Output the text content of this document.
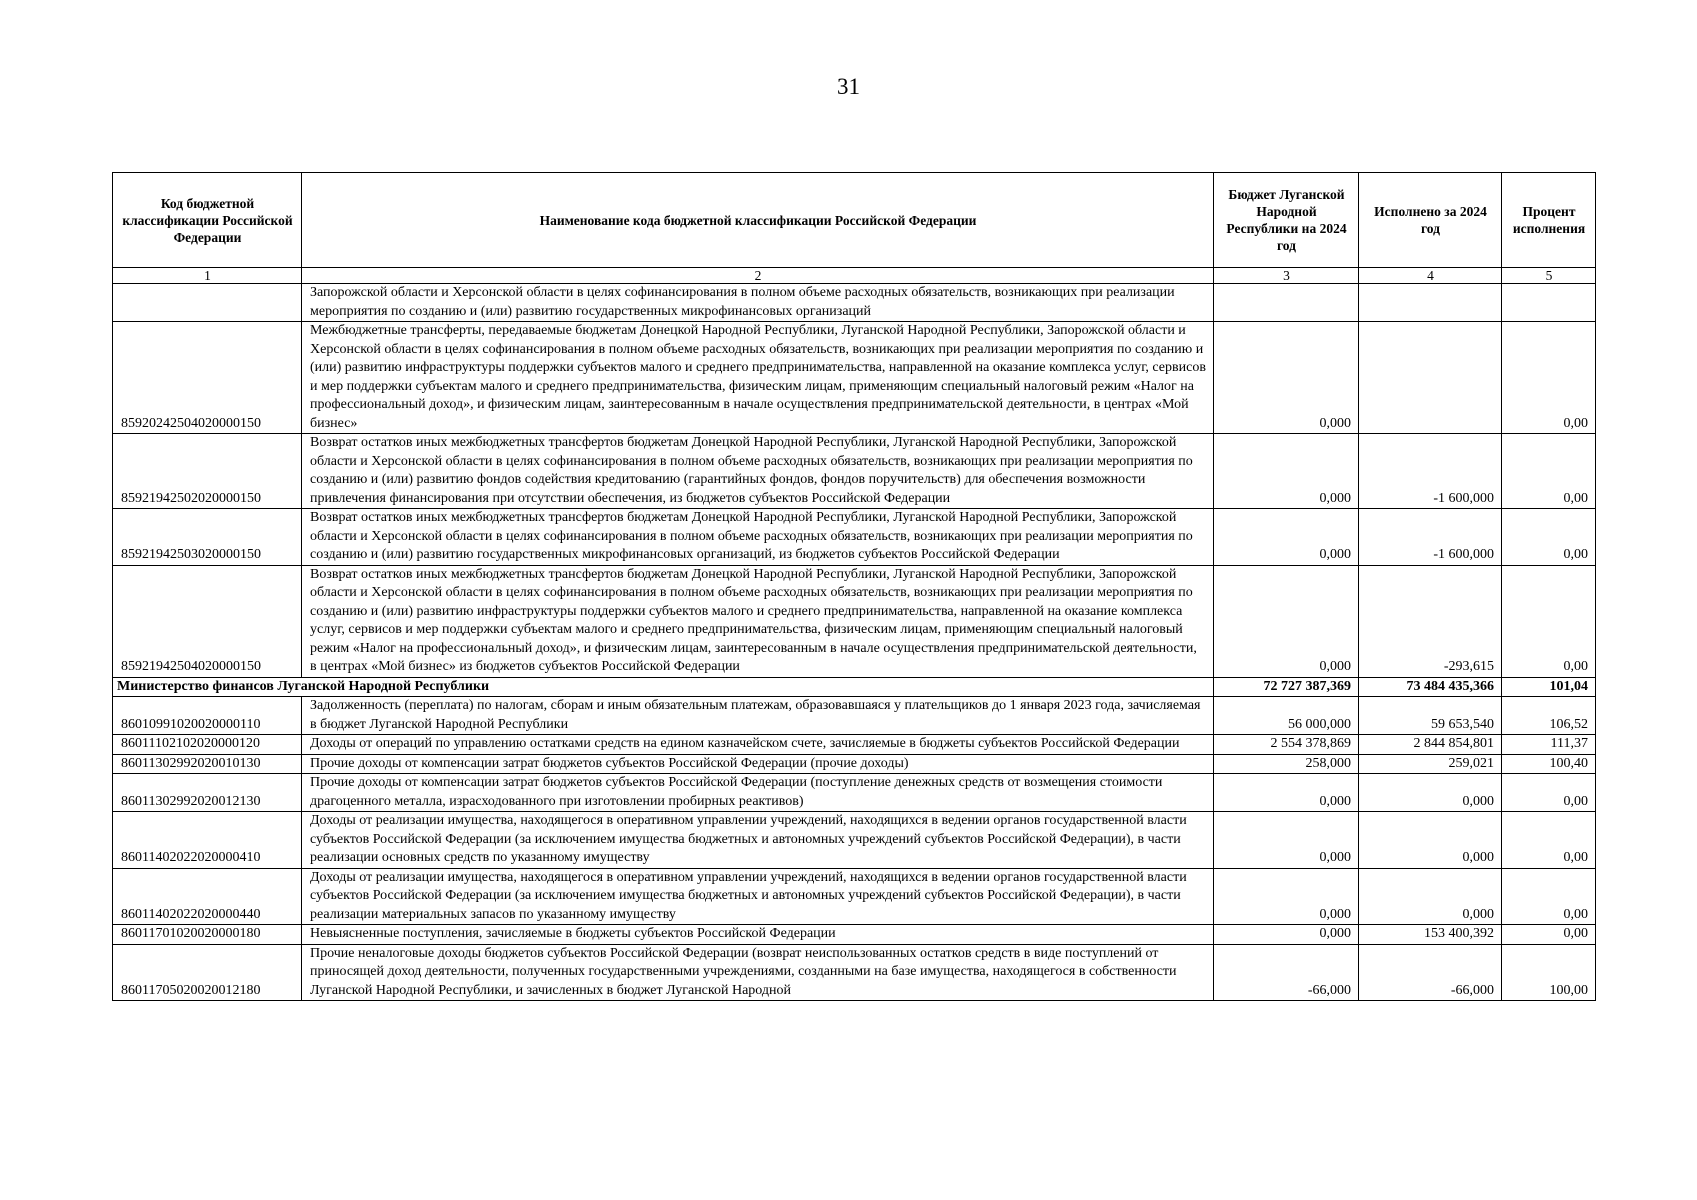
31
Код бюджетной классификации Российской Федерации	Наименование кода бюджетной классификации Российской Федерации	Бюджет Луганской Народной Республики на 2024 год	Исполнено за 2024 год	Процент исполнения
1	2	3	4	5
	Запорожской области и Херсонской области в целях софинансирования в полном объеме расходных обязательств, возникающих при реализации мероприятия по созданию и (или) развитию государственных микрофинансовых организаций			
85920242504020000150	Межбюджетные трансферты, передаваемые бюджетам Донецкой Народной Республики, Луганской Народной Республики, Запорожской области и Херсонской области в целях софинансирования в полном объеме расходных обязательств, возникающих при реализации мероприятия по созданию и (или) развитию инфраструктуры поддержки субъектов малого и среднего предпринимательства, направленной на оказание комплекса услуг, сервисов и мер поддержки субъектам малого и среднего предпринимательства, физическим лицам, применяющим специальный налоговый режим «Налог на профессиональный доход», и физическим лицам, заинтересованным в начале осуществления предпринимательской деятельности, в центрах «Мой бизнес»	0,000		0,00
85921942502020000150	Возврат остатков иных межбюджетных трансфертов бюджетам Донецкой Народной Республики, Луганской Народной Республики, Запорожской области и Херсонской области в целях софинансирования в полном объеме расходных обязательств, возникающих при реализации мероприятия по созданию и (или) развитию фондов содействия кредитованию (гарантийных фондов, фондов поручительств) для обеспечения возможности привлечения финансирования при отсутствии обеспечения, из бюджетов субъектов Российской Федерации	0,000	-1 600,000	0,00
85921942503020000150	Возврат остатков иных межбюджетных трансфертов бюджетам Донецкой Народной Республики, Луганской Народной Республики, Запорожской области и Херсонской области в целях софинансирования в полном объеме расходных обязательств, возникающих при реализации мероприятия по созданию и (или) развитию государственных микрофинансовых организаций, из бюджетов субъектов Российской Федерации	0,000	-1 600,000	0,00
85921942504020000150	Возврат остатков иных межбюджетных трансфертов бюджетам Донецкой Народной Республики, Луганской Народной Республики, Запорожской области и Херсонской области в целях софинансирования в полном объеме расходных обязательств, возникающих при реализации мероприятия по созданию и (или) развитию инфраструктуры поддержки субъектов малого и среднего предпринимательства, направленной на оказание комплекса услуг, сервисов и мер поддержки субъектам малого и среднего предпринимательства, физическим лицам, применяющим специальный налоговый режим «Налог на профессиональный доход», и физическим лицам, заинтересованным в начале осуществления предпринимательской деятельности, в центрах «Мой бизнес» из бюджетов субъектов Российской Федерации	0,000	-293,615	0,00
Министерство финансов Луганской Народной Республики		72 727 387,369	73 484 435,366	101,04
86010991020020000110	Задолженность (переплата) по налогам, сборам и иным обязательным платежам, образовавшаяся у плательщиков до 1 января 2023 года, зачисляемая в бюджет Луганской Народной Республики	56 000,000	59 653,540	106,52
86011102102020000120	Доходы от операций по управлению остатками средств на едином казначейском счете, зачисляемые в бюджеты субъектов Российской Федерации	2 554 378,869	2 844 854,801	111,37
86011302992020010130	Прочие доходы от компенсации затрат бюджетов субъектов Российской Федерации (прочие доходы)	258,000	259,021	100,40
86011302992020012130	Прочие доходы от компенсации затрат бюджетов субъектов Российской Федерации (поступление денежных средств от возмещения стоимости драгоценного металла, израсходованного при изготовлении пробирных реактивов)	0,000	0,000	0,00
86011402022020000410	Доходы от реализации имущества, находящегося в оперативном управлении учреждений, находящихся в ведении органов государственной власти субъектов Российской Федерации (за исключением имущества бюджетных и автономных учреждений субъектов Российской Федерации), в части реализации основных средств по указанному имуществу	0,000	0,000	0,00
86011402022020000440	Доходы от реализации имущества, находящегося в оперативном управлении учреждений, находящихся в ведении органов государственной власти субъектов Российской Федерации (за исключением имущества бюджетных и автономных учреждений субъектов Российской Федерации), в части реализации материальных запасов по указанному имуществу	0,000	0,000	0,00
86011701020020000180	Невыясненные поступления, зачисляемые в бюджеты субъектов Российской Федерации	0,000	153 400,392	0,00
86011705020020012180	Прочие неналоговые доходы бюджетов субъектов Российской Федерации (возврат неиспользованных остатков средств в виде поступлений от приносящей доход деятельности, полученных государственными учреждениями, созданными на базе имущества, находящегося в собственности Луганской Народной Республики, и зачисленных в бюджет Луганской Народной	-66,000	-66,000	100,00
